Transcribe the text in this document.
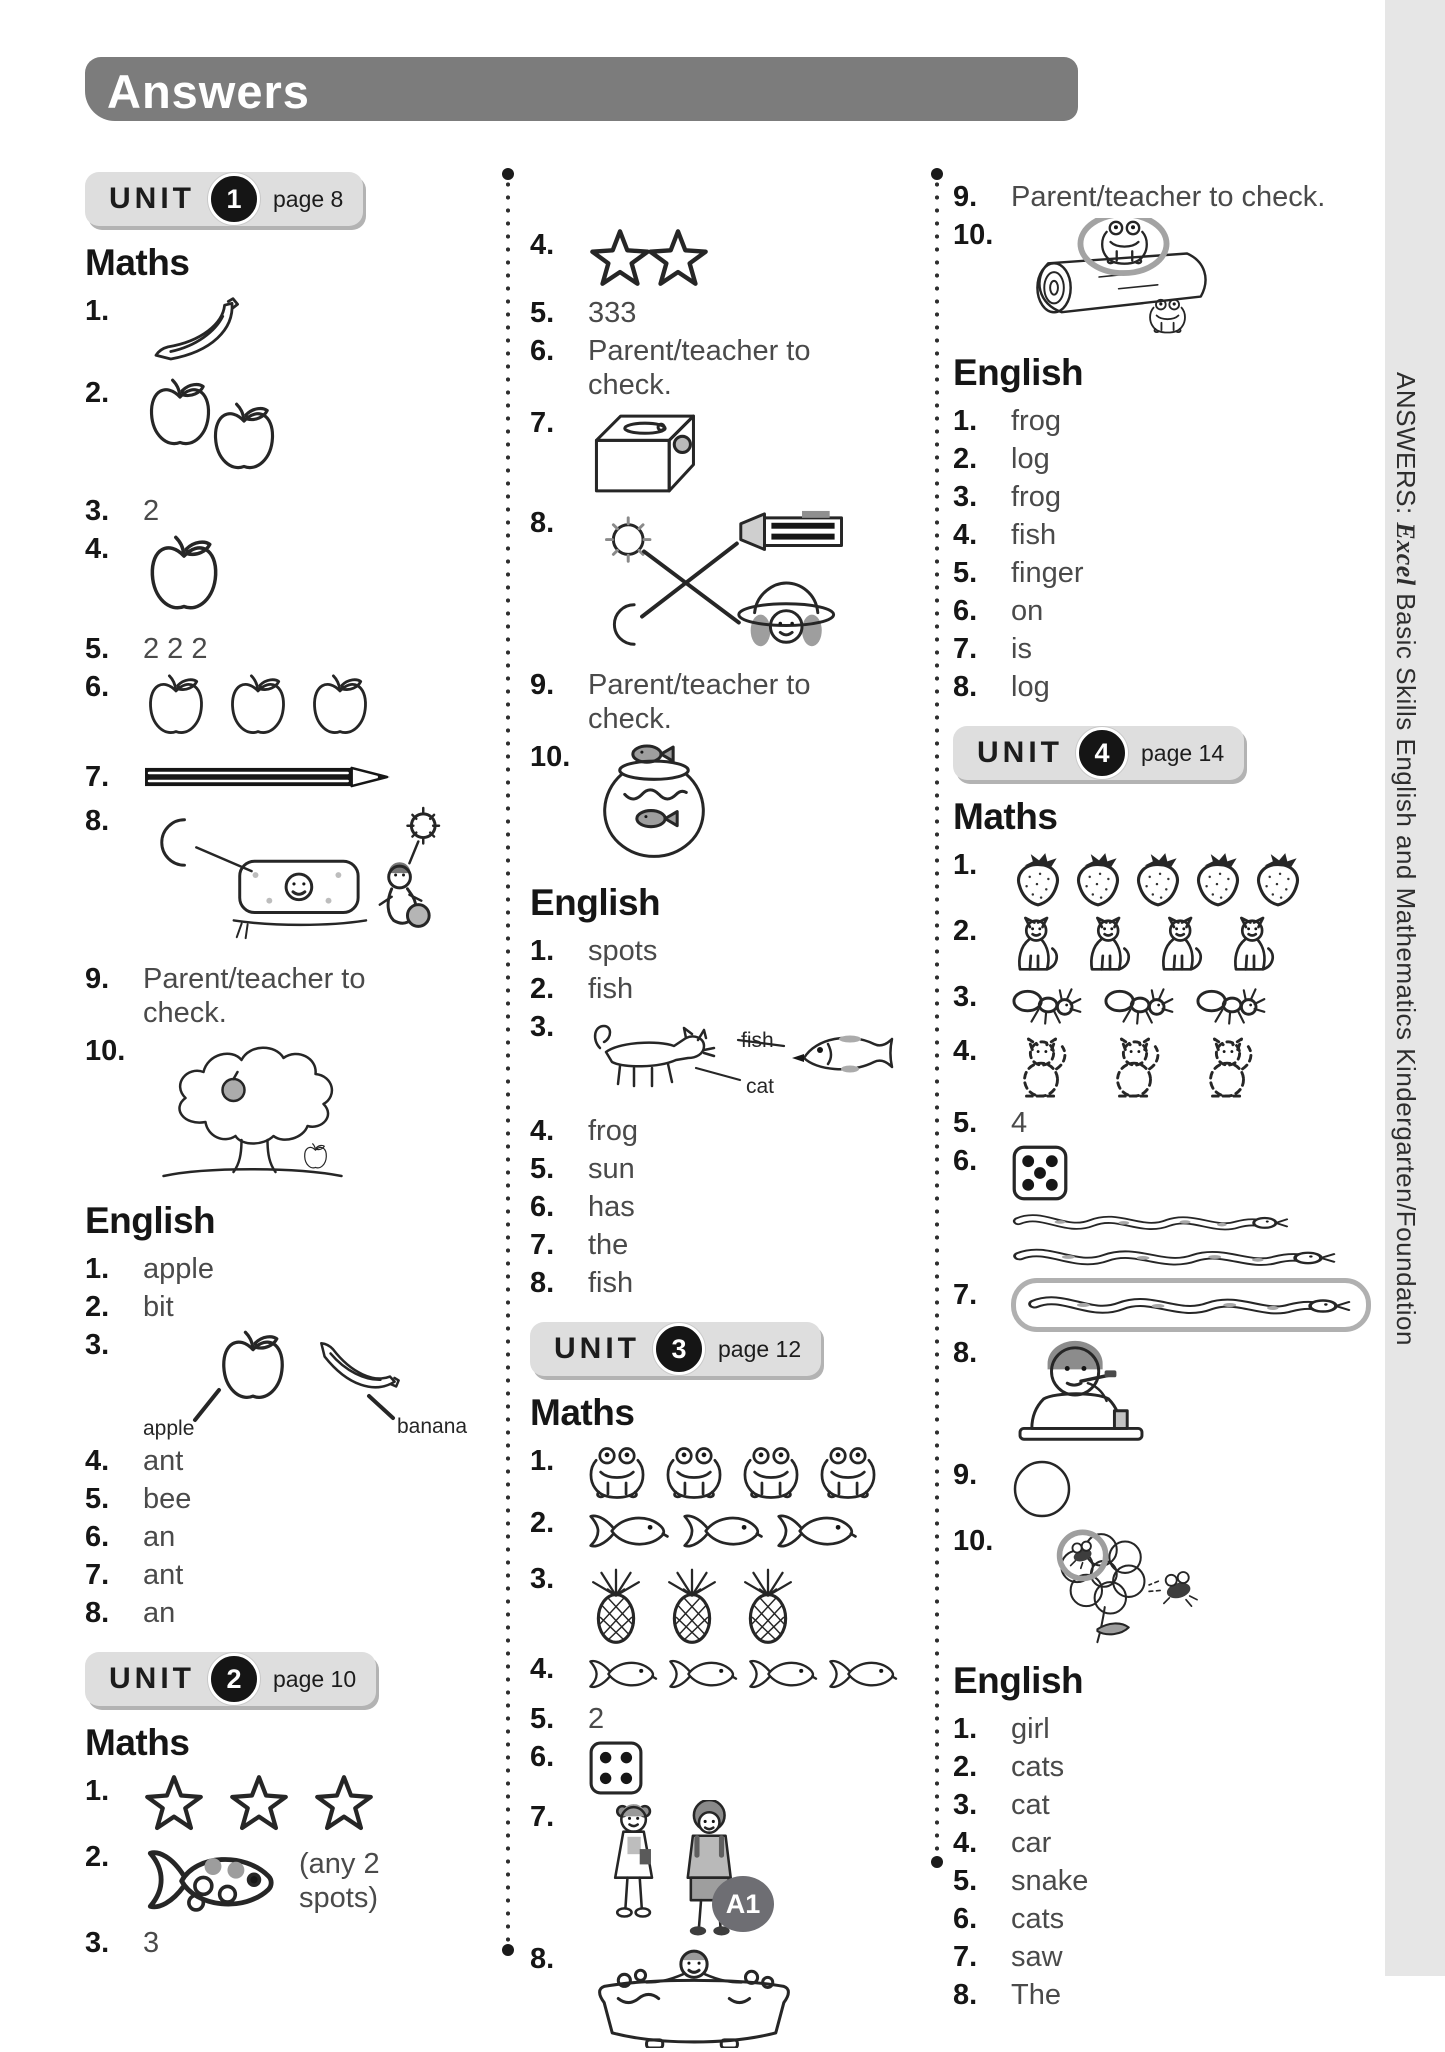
Answers
UNIT	1	page 8
Maths
1.
2.
3.	2
4.
5.	2 2 2
6.
7.
8.
9.	Parent/teacher to check.
10.
English
1.	apple
2.	bit
3.
apple	banana
4.	ant
5.	bee
6.	an
7.	ant
8.	an
UNIT	2	page 10
Maths
1.
2.	(any 2 spots)
3.	3
4.
5.	333
6.	Parent/teacher to check.
7.
8.
9.	Parent/teacher to check.
10.
English
1.	spots
2.	fish
3.	fish
cat
4.	frog
5.	sun
6.	has
7.	the
8.	fish
UNIT	3	page 12
Maths
1.
2.
3.
4.
5.	2
6.
7.
8.
9.	Parent/teacher to check.
10.
English
1.	frog
2.	log
3.	frog
4.	fish
5.	finger
6.	on
7.	is
8.	log
UNIT	4	page 14
Maths
1.
2.
3.
4.
5.	4
6.
7.
8.
9.
10.
English
1.	girl
2.	cats
3.	cat
4.	car
5.	snake
6.	cats
7.	saw
8.	The
ANSWERS: Excel Basic Skills English and Mathematics Kindergarten/Foundation
A1
